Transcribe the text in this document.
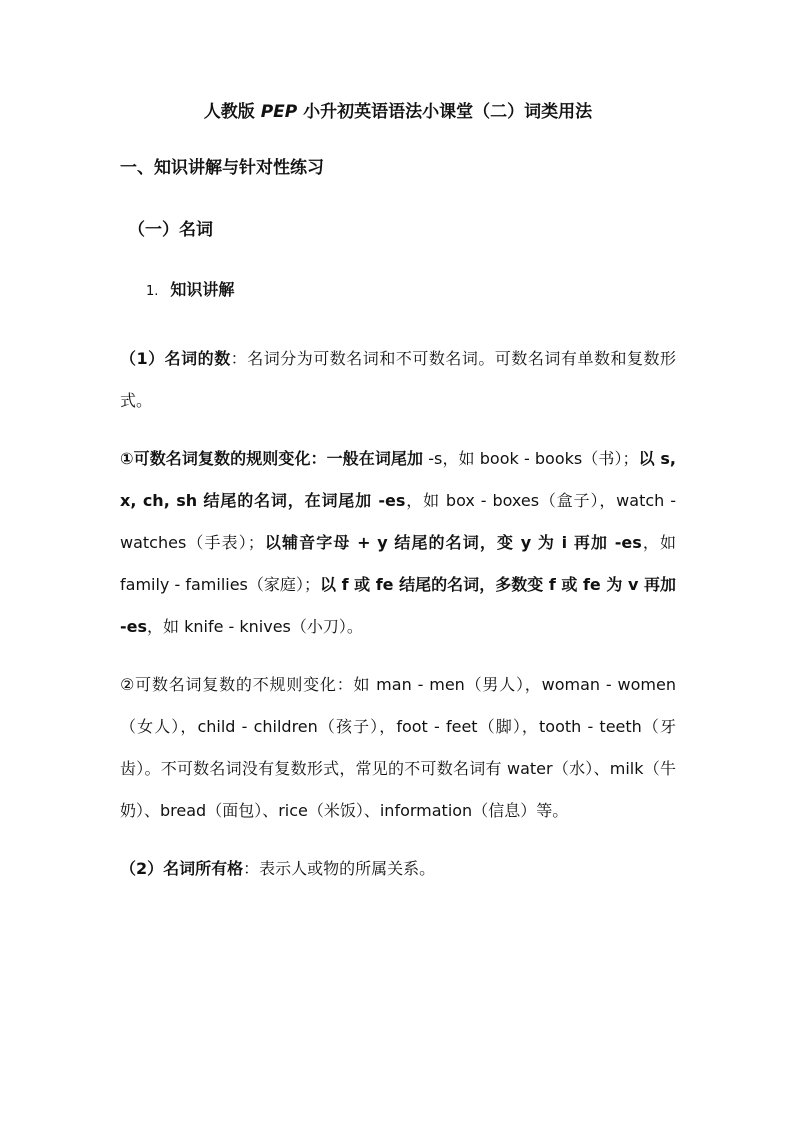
人教版 PEP 小升初英语语法小课堂（二）词类用法
一、知识讲解与针对性练习
（一）名词
1. 知识讲解

（1）名词的数：名词分为可数名词和不可数名词。可数名词有单数和复数形式。

①可数名词复数的规则变化：一般在词尾加 -s，如 book - books（书）；以 s, x, ch, sh 结尾的名词，在词尾加 -es，如 box - boxes（盒子），watch - watches（手表）；以辅音字母 + y 结尾的名词，变 y 为 i 再加 -es，如 family - families（家庭）；以 f 或 fe 结尾的名词，多数变 f 或 fe 为 v 再加 -es，如 knife - knives（小刀）。

②可数名词复数的不规则变化：如 man - men（男人），woman - women（女人），child - children（孩子），foot - feet（脚），tooth - teeth（牙齿）。不可数名词没有复数形式，常见的不可数名词有 water（水）、milk（牛奶）、bread（面包）、rice（米饭）、information（信息）等。

（2）名词所有格：表示人或物的所属关系。
